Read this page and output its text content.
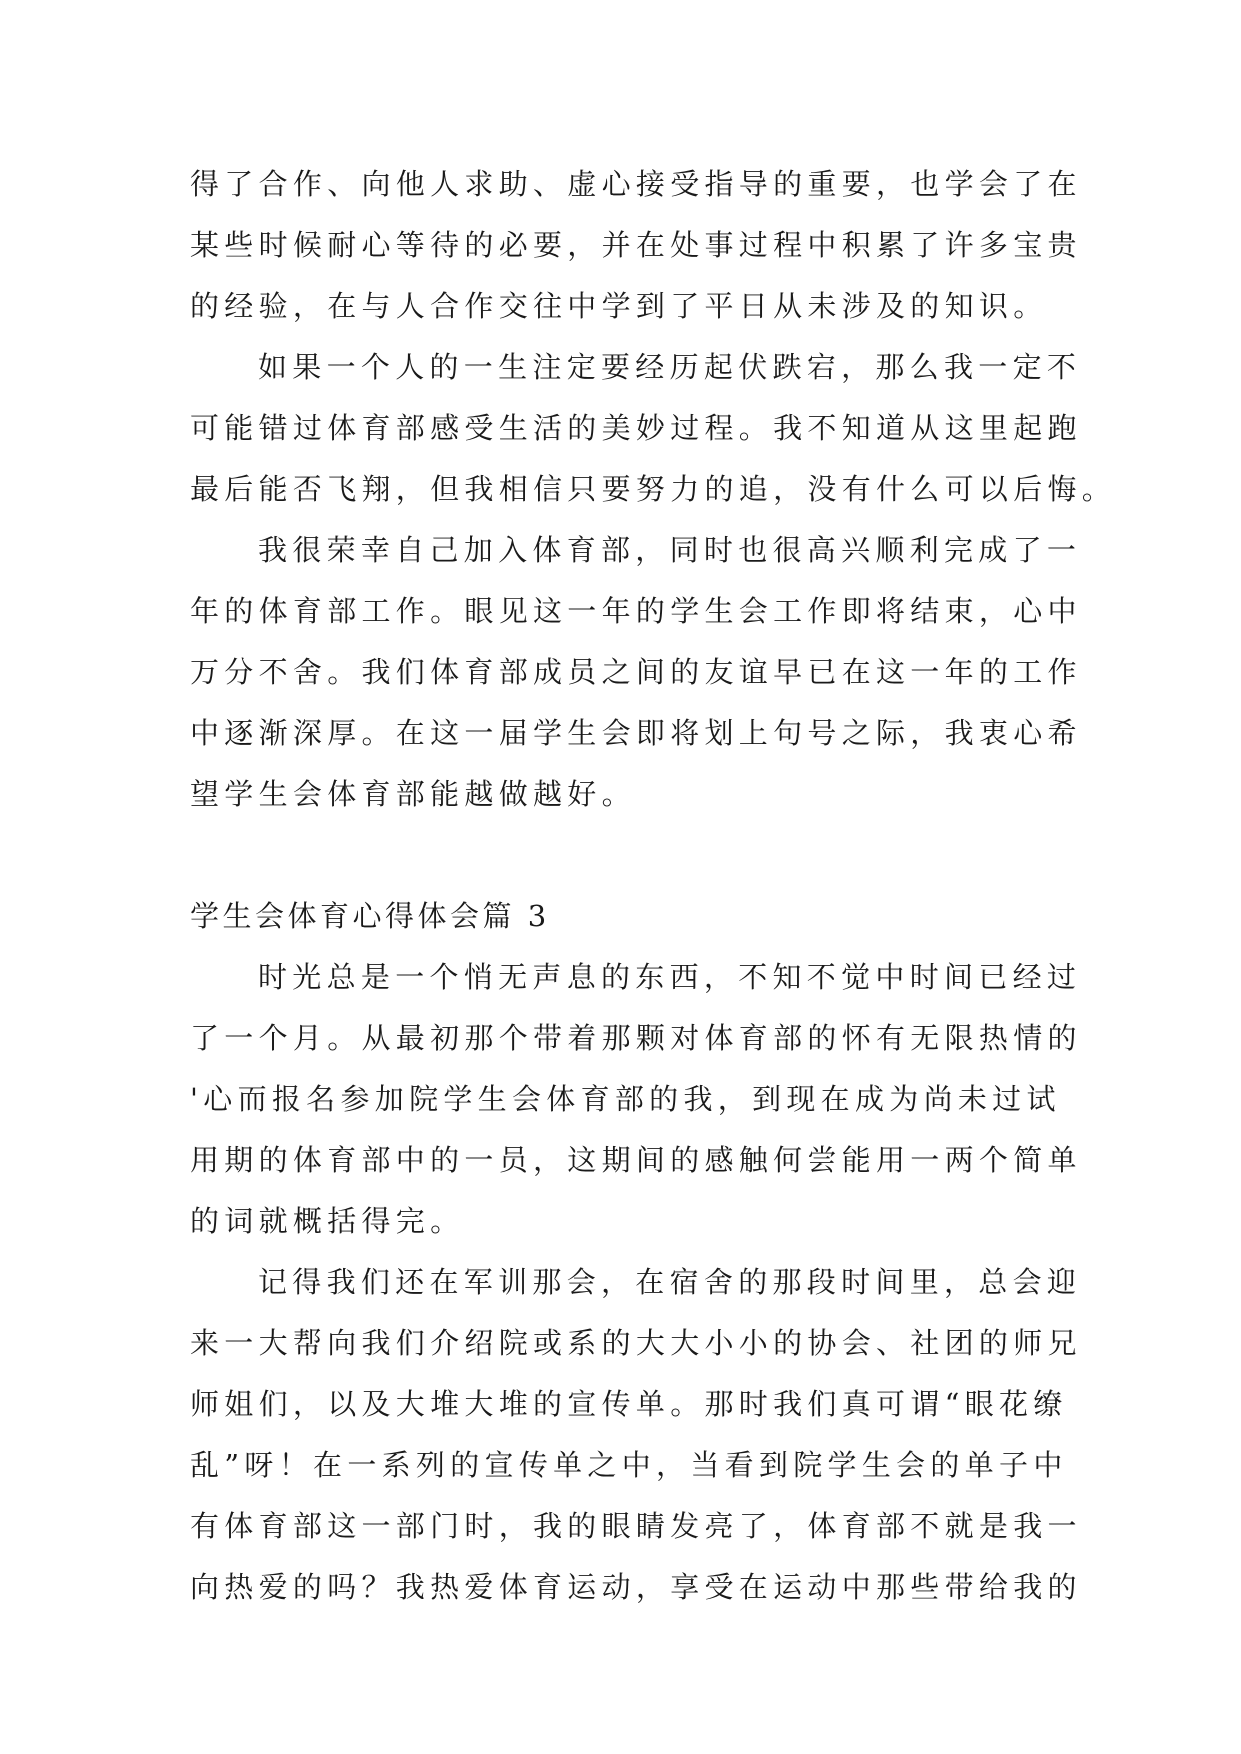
得了合作、向他人求助、虚心接受指导的重要，也学会了在
某些时候耐心等待的必要，并在处事过程中积累了许多宝贵
的经验，在与人合作交往中学到了平日从未涉及的知识。
如果一个人的一生注定要经历起伏跌宕，那么我一定不
可能错过体育部感受生活的美妙过程。我不知道从这里起跑
最后能否飞翔，但我相信只要努力的追，没有什么可以后悔。
我很荣幸自己加入体育部，同时也很高兴顺利完成了一
年的体育部工作。眼见这一年的学生会工作即将结束，心中
万分不舍。我们体育部成员之间的友谊早已在这一年的工作
中逐渐深厚。在这一届学生会即将划上句号之际，我衷心希
望学生会体育部能越做越好。
学生会体育心得体会篇 3
时光总是一个悄无声息的东西，不知不觉中时间已经过
了一个月。从最初那个带着那颗对体育部的怀有无限热情的
'心而报名参加院学生会体育部的我，到现在成为尚未过试
用期的体育部中的一员，这期间的感触何尝能用一两个简单
的词就概括得完。
记得我们还在军训那会，在宿舍的那段时间里，总会迎
来一大帮向我们介绍院或系的大大小小的协会、社团的师兄
师姐们，以及大堆大堆的宣传单。那时我们真可谓“眼花缭
乱”呀！在一系列的宣传单之中，当看到院学生会的单子中
有体育部这一部门时，我的眼睛发亮了，体育部不就是我一
向热爱的吗？我热爱体育运动，享受在运动中那些带给我的
